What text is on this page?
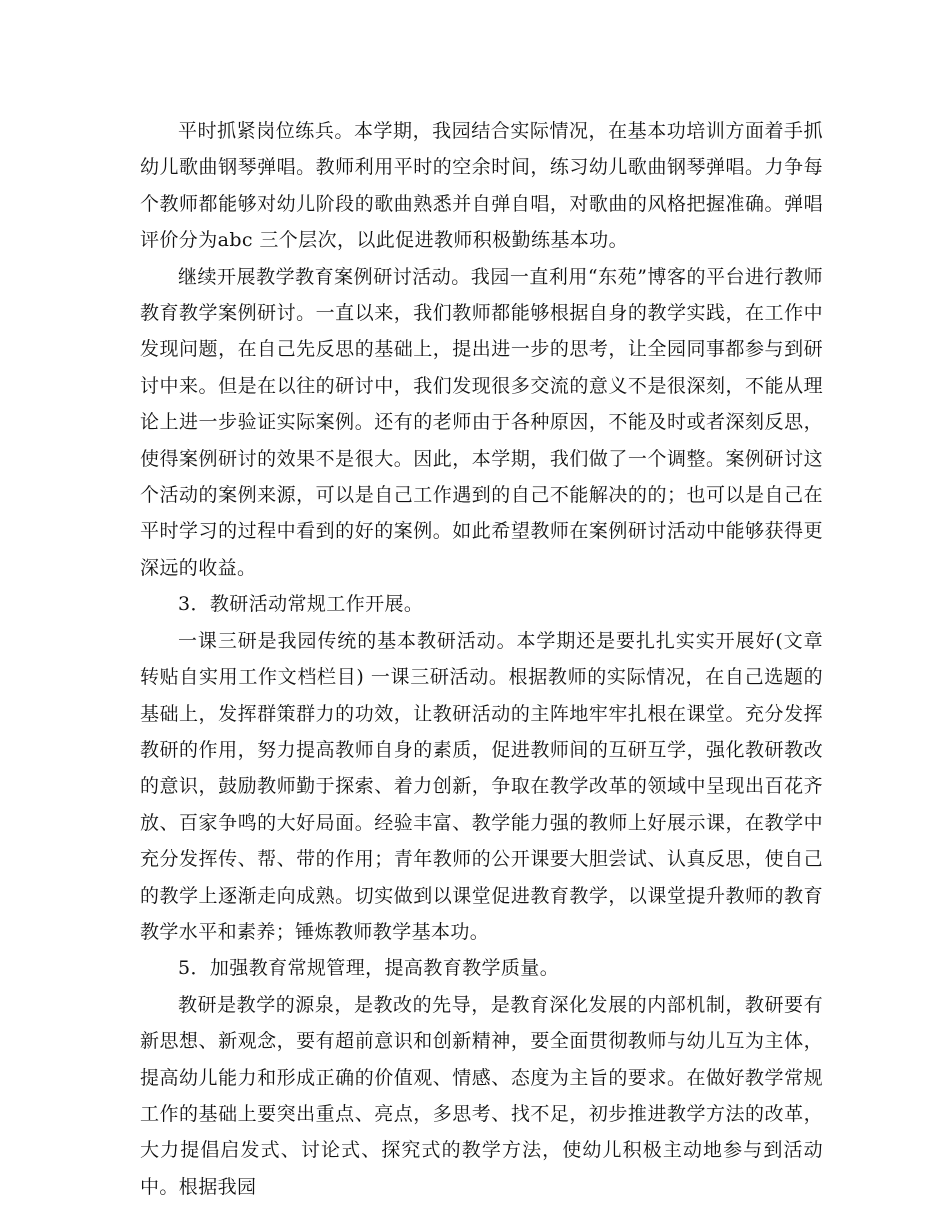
平时抓紧岗位练兵。本学期，我园结合实际情况，在基本功培训方面着手抓幼儿歌曲钢琴弹唱。教师利用平时的空余时间，练习幼儿歌曲钢琴弹唱。力争每个教师都能够对幼儿阶段的歌曲熟悉并自弹自唱，对歌曲的风格把握准确。弹唱评价分为abc 三个层次，以此促进教师积极勤练基本功。

继续开展教学教育案例研讨活动。我园一直利用“东苑”博客的平台进行教师教育教学案例研讨。一直以来，我们教师都能够根据自身的教学实践，在工作中发现问题，在自己先反思的基础上，提出进一步的思考，让全园同事都参与到研讨中来。但是在以往的研讨中，我们发现很多交流的意义不是很深刻，不能从理论上进一步验证实际案例。还有的老师由于各种原因，不能及时或者深刻反思，使得案例研讨的效果不是很大。因此，本学期，我们做了一个调整。案例研讨这个活动的案例来源，可以是自己工作遇到的自己不能解决的的；也可以是自己在平时学习的过程中看到的好的案例。如此希望教师在案例研讨活动中能够获得更深远的收益。

3．教研活动常规工作开展。

一课三研是我园传统的基本教研活动。本学期还是要扎扎实实开展好(文章转贴自实用工作文档栏目) 一课三研活动。根据教师的实际情况，在自己选题的基础上，发挥群策群力的功效，让教研活动的主阵地牢牢扎根在课堂。充分发挥教研的作用，努力提高教师自身的素质，促进教师间的互研互学，强化教研教改的意识，鼓励教师勤于探索、着力创新，争取在教学改革的领域中呈现出百花齐放、百家争鸣的大好局面。经验丰富、教学能力强的教师上好展示课，在教学中充分发挥传、帮、带的作用；青年教师的公开课要大胆尝试、认真反思，使自己的教学上逐渐走向成熟。切实做到以课堂促进教育教学，以课堂提升教师的教育教学水平和素养；锤炼教师教学基本功。

5．加强教育常规管理，提高教育教学质量。

教研是教学的源泉，是教改的先导，是教育深化发展的内部机制，教研要有新思想、新观念，要有超前意识和创新精神，要全面贯彻教师与幼儿互为主体，提高幼儿能力和形成正确的价值观、情感、态度为主旨的要求。在做好教学常规工作的基础上要突出重点、亮点，多思考、找不足，初步推进教学方法的改革，大力提倡启发式、讨论式、探究式的教学方法，使幼儿积极主动地参与到活动中。根据我园
